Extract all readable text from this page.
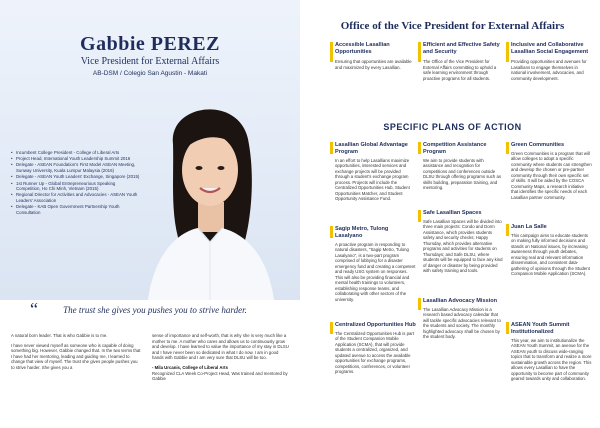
Gabbie PEREZ
Vice President for External Affairs
AB-DSM / Colegio San Agustin - Makati
• Incumbent College President - College of Liberal Arts
• Project Head, International Youth Leadership Summit 2016
• Delegate - ASEAN Foundation's First Model ASEAN Meeting, Sunway University, Kuala Lumpur Malaysia (2016)
• Delegate - ASEAN Youth Leaders' Exchange, Singapore (2015)
• 1st Runner Up - Global Entrepreneurious Speaking Competition, Ho Chi Minh, Vietnam (2015)
• Regional Director for Activities and Advocacies - ASEAN Youth Leaders' Association
• Delegate - KAB Open Government Partnership Youth Consultation
“	The trust she gives you pushes you to strive harder.

A natural born leader. That is who Gabbie is to me.

I have never viewed myself as someone who is capable of doing something big. However, Gabbie changed that. In the two terms that I have had her mentoring, leading and guiding me, I learned to change that view of myself. The trust she gives people pushes you to strive harder. She gives you a

sense of importance and self-worth, that is why she is very much like a mother to me. A mother who cares and allows us to continuously grow and develop. I have learned to value the importance of my stay in DLSU and I have never been so dedicated in what I do now. I am in good hands with Gabbie and I am very sure that DLSU will be too.

- Mila Urcanis, College of Liberal Arts

Recognized CLA Week Co-Project Head, Was trained and mentored by Gabbie

Office of the Vice President for External Affairs
Accessible Lasallian Opportunities
Ensuring that opportunities are available and maximized by every Lasallian.
Efficient and Effective Safety and Security
The Office of the Vice President for External Affairs committing to uphold a safe learning environment through proactive programs for all students.
Inclusive and Collaborative Lasallian Social Engagement
Providing opportunities and avenues for Lasallians to engage themselves in national involvement, advocacies, and community development.
SPECIFIC PLANS OF ACTION
Lasallian Global Advantage Program
In an effort to help Lasallians maximize opportunities, interested services and exchange projects will be provided through a student's exchange program process. Projects will include the Centralized Opportunities Hub, Student Opportunities Matcher, and Student Opportunity Assistance Fund.
Sagip Metro, Tulong Lasalyano
A proactive program in responding to natural disasters, "Sagip Metro, Tulong Lasalyano", is a two-part program comprised of lobbying for a disaster emergency fund and creating a competent and ready USG system on responses. This will also be providing financial and mental health trainings to volunteers, establishing response teams, and collaborating with other sectors of the university.
Centralized Opportunities Hub
The Centralized Opportunities Hub is part of the Student Companion Mobile Application (SCMA), that will provide students a centralized, organized, and updated avenue to access the available opportunities for exchange programs, competitions, conferences, or volunteer programs.
Competition Assistance Program
We aim to provide students with assistance and recognition for competitions and conferences outside DLSU through offering programs such as skills building, preparation training, and mentoring.
Safe Lasallian Spaces
Safe Lasallian Spaces will be divided into three main projects: Condo and Dorm Assistance, which provides students safety and security checks; Happy Thursday, which provides alternative programs and activities for students on Thursdays; and Safe DLSU, where students will be equipped to face any kind of danger or disaster by being provided with safety training and tools.
Lasallian Advocacy Mission
The Lasallian Advocacy Mission is a research based advocacy calendar that will tackle specific advocacies relevant to the students and society. The monthly highlighted advocacy shall be chosen by the student body.
Green Communities
Green Communities is a program that will allow colleges to adopt a specific community where students can strengthen and develop the chosen or pre-partner community through their own specific set of skills. It will be aided by the COSCA Community Maps, a research initiative that identifies the specific needs of each Lasallian partner community.
Juan La Salle
This campaign aims to educate students on making fully informed decisions and stands on National issues, by increasing awareness through youth debates, ensuring real and relevant information dissemination, and consistent data-gathering of opinions through the Student Companion Mobile Application (SCMA).
ASEAN Youth Summit Institutionalized
This year, we aim to institutionalize the ASEAN Youth Summit, an avenue for the ASEAN youth to discuss wide-ranging topics that to transform and realize a more sustainable growth across the region. This allows every Lasallian to have the opportunity to become part of community geared towards unity and collaboration.
